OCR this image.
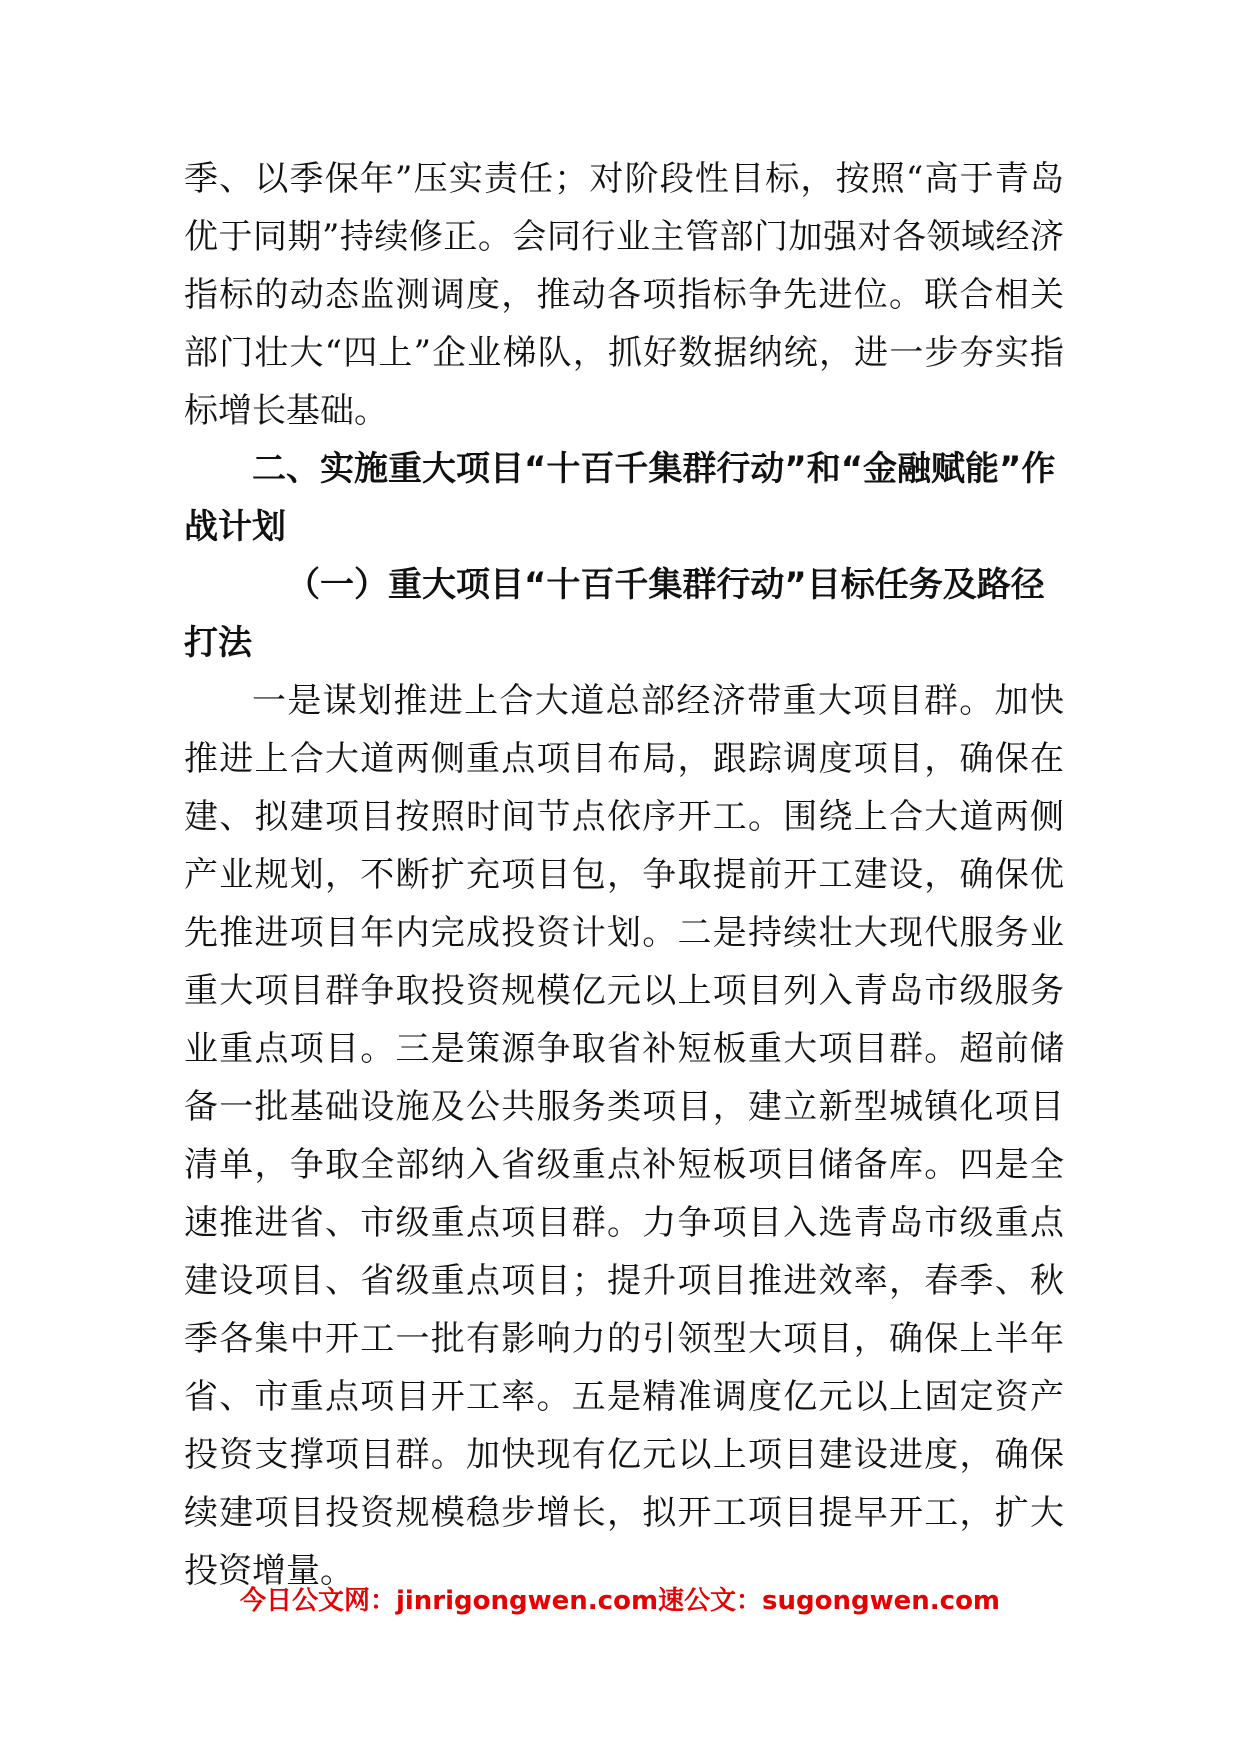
季、以季保年”压实责任；对阶段性目标，按照“高于青岛优于同期”持续修正。会同行业主管部门加强对各领域经济指标的动态监测调度，推动各项指标争先进位。联合相关部门壮大“四上”企业梯队，抓好数据纳统，进一步夯实指标增长基础。

二、实施重大项目“十百千集群行动”和“金融赋能”作战计划

（一）重大项目“十百千集群行动”目标任务及路径打法

一是谋划推进上合大道总部经济带重大项目群。加快推进上合大道两侧重点项目布局，跟踪调度项目，确保在建、拟建项目按照时间节点依序开工。围绕上合大道两侧产业规划，不断扩充项目包，争取提前开工建设，确保优先推进项目年内完成投资计划。二是持续壮大现代服务业重大项目群争取投资规模亿元以上项目列入青岛市级服务业重点项目。三是策源争取省补短板重大项目群。超前储备一批基础设施及公共服务类项目，建立新型城镇化项目清单，争取全部纳入省级重点补短板项目储备库。四是全速推进省、市级重点项目群。力争项目入选青岛市级重点建设项目、省级重点项目；提升项目推进效率，春季、秋季各集中开工一批有影响力的引领型大项目，确保上半年省、市重点项目开工率。五是精准调度亿元以上固定资产投资支撑项目群。加快现有亿元以上项目建设进度，确保续建项目投资规模稳步增长，拟开工项目提早开工，扩大投资增量。

今日公文网：jinrigongwen.com速公文：sugongwen.com
